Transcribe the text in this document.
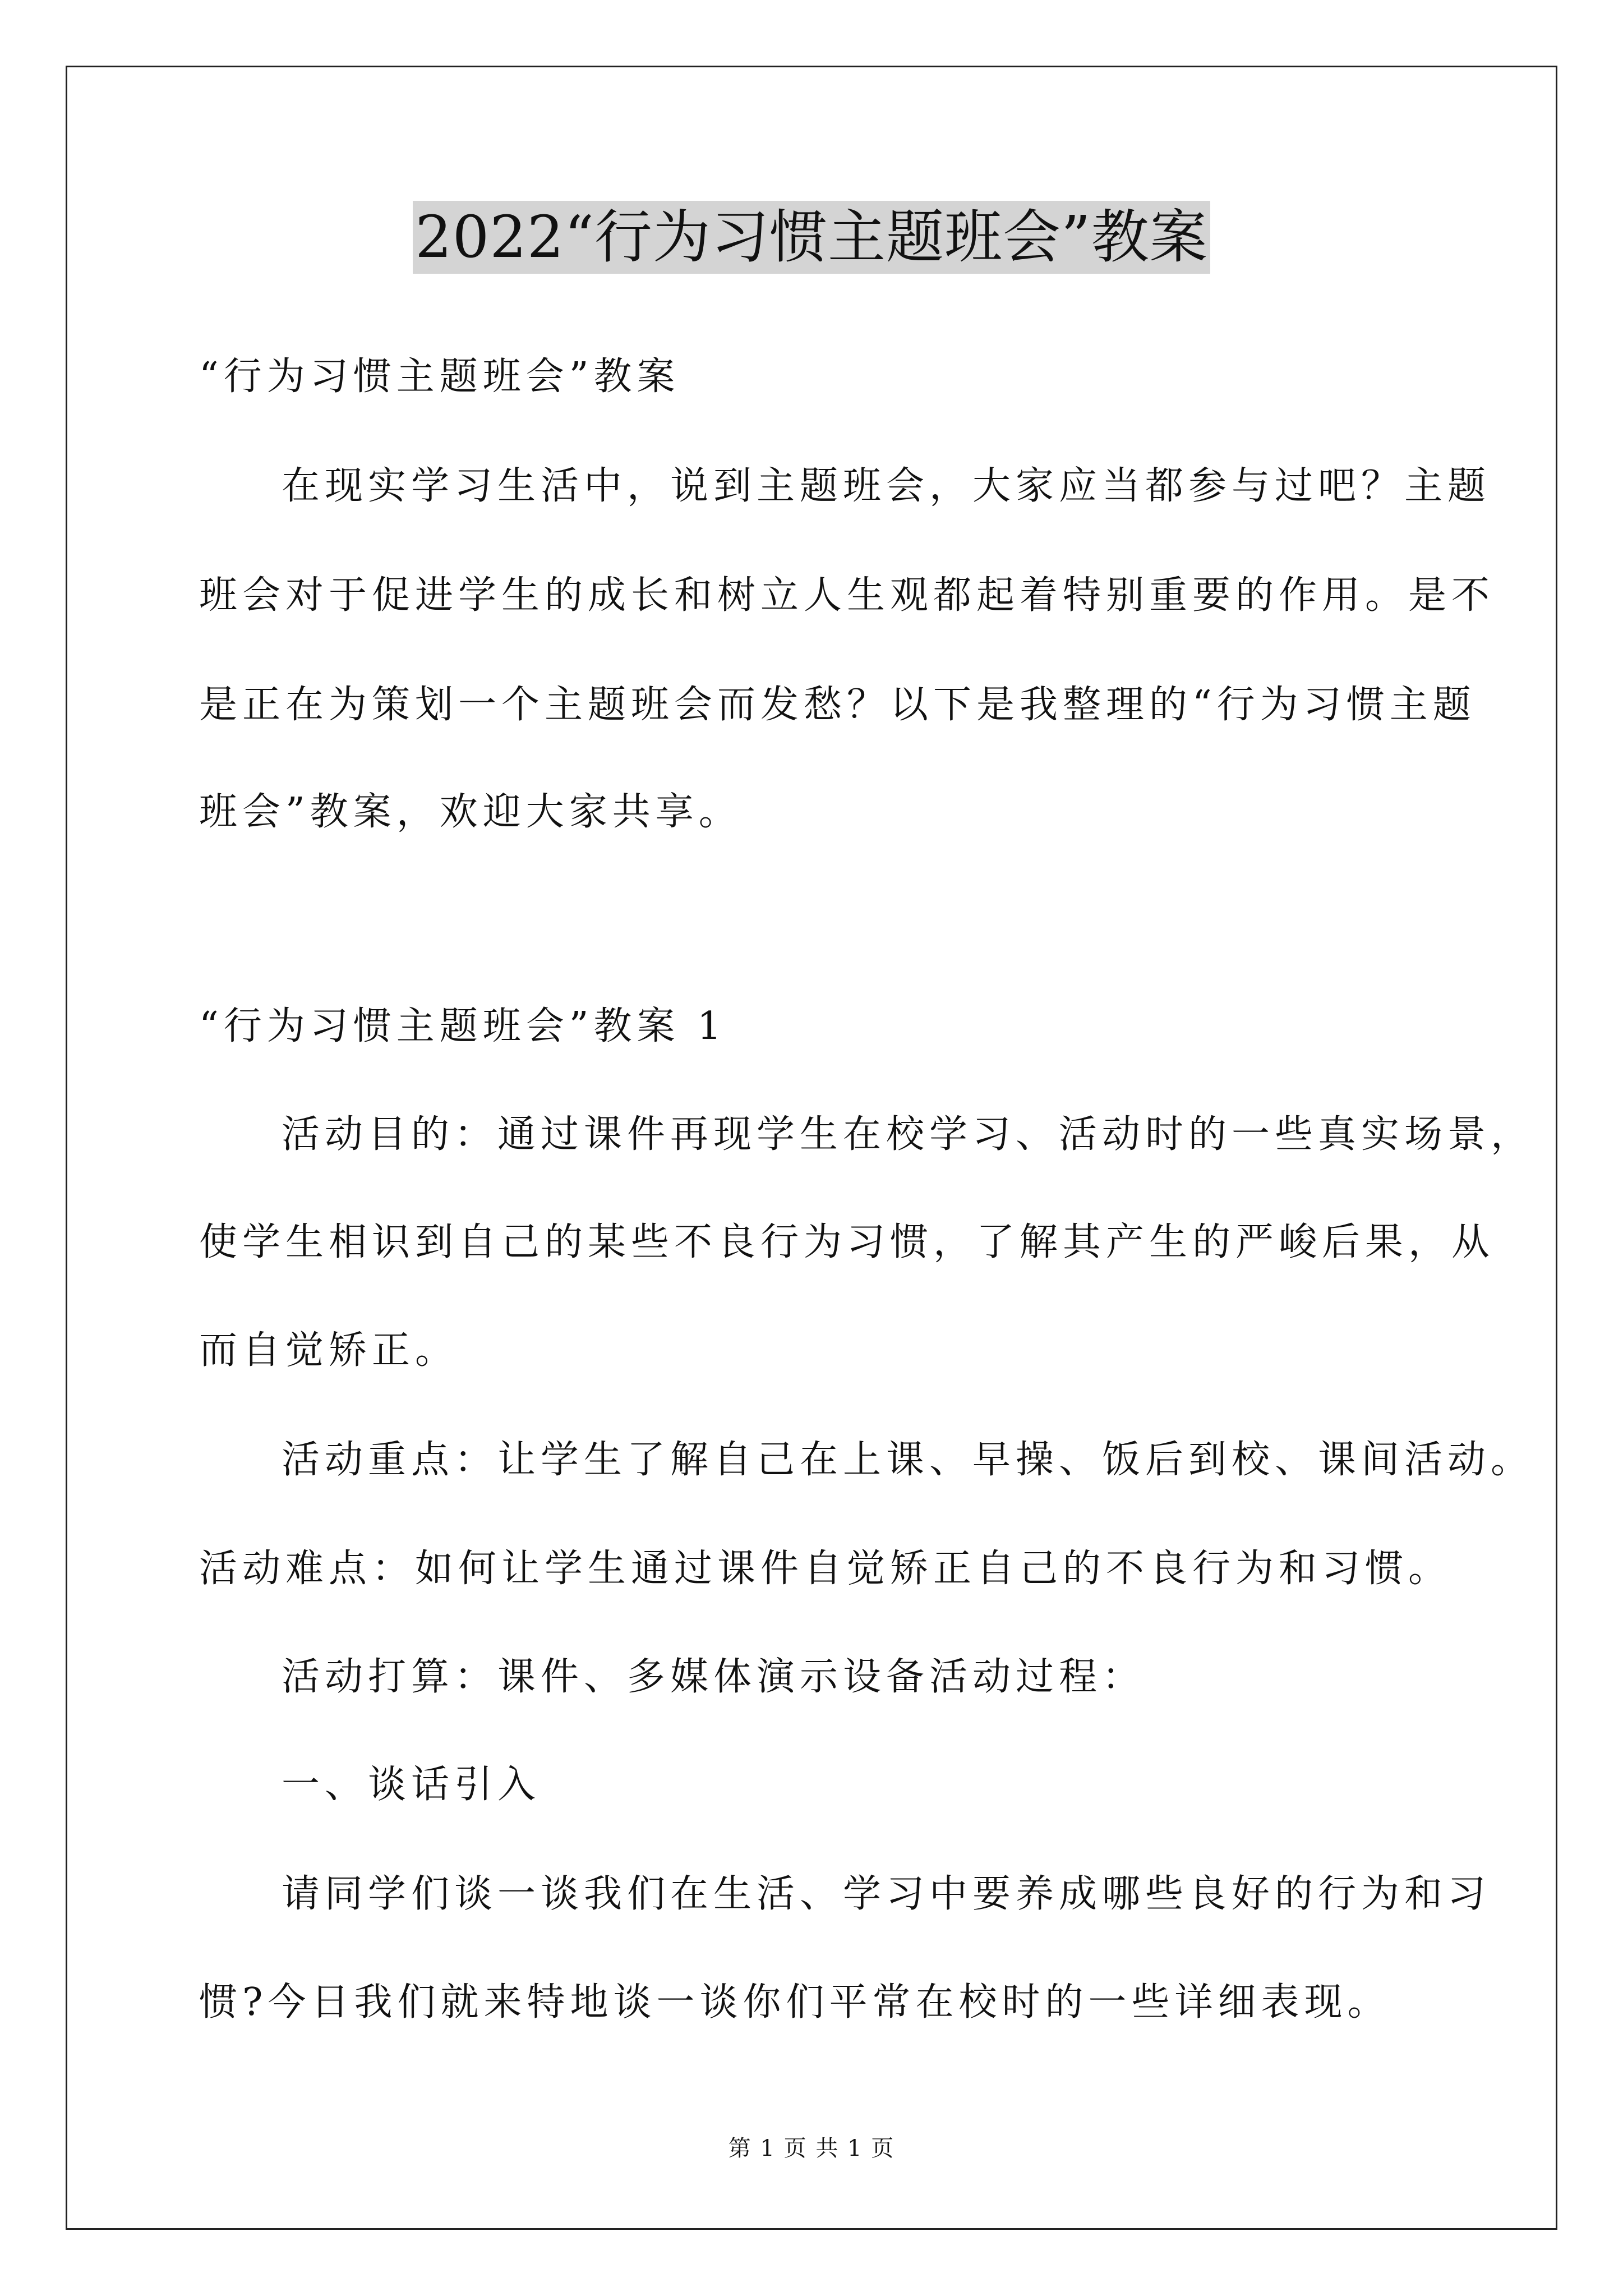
2022“行为习惯主题班会”教案
“行为习惯主题班会”教案
在现实学习生活中，说到主题班会，大家应当都参与过吧？主题
班会对于促进学生的成长和树立人生观都起着特别重要的作用。是不
是正在为策划一个主题班会而发愁？以下是我整理的“行为习惯主题
班会”教案，欢迎大家共享。
“行为习惯主题班会”教案 1
活动目的：通过课件再现学生在校学习、活动时的一些真实场景，
使学生相识到自己的某些不良行为习惯，了解其产生的严峻后果，从
而自觉矫正。
活动重点：让学生了解自己在上课、早操、饭后到校、课间活动。
活动难点：如何让学生通过课件自觉矫正自己的不良行为和习惯。
活动打算：课件、多媒体演示设备活动过程：
一、谈话引入
请同学们谈一谈我们在生活、学习中要养成哪些良好的行为和习
惯?今日我们就来特地谈一谈你们平常在校时的一些详细表现。
第 1 页 共 1 页
